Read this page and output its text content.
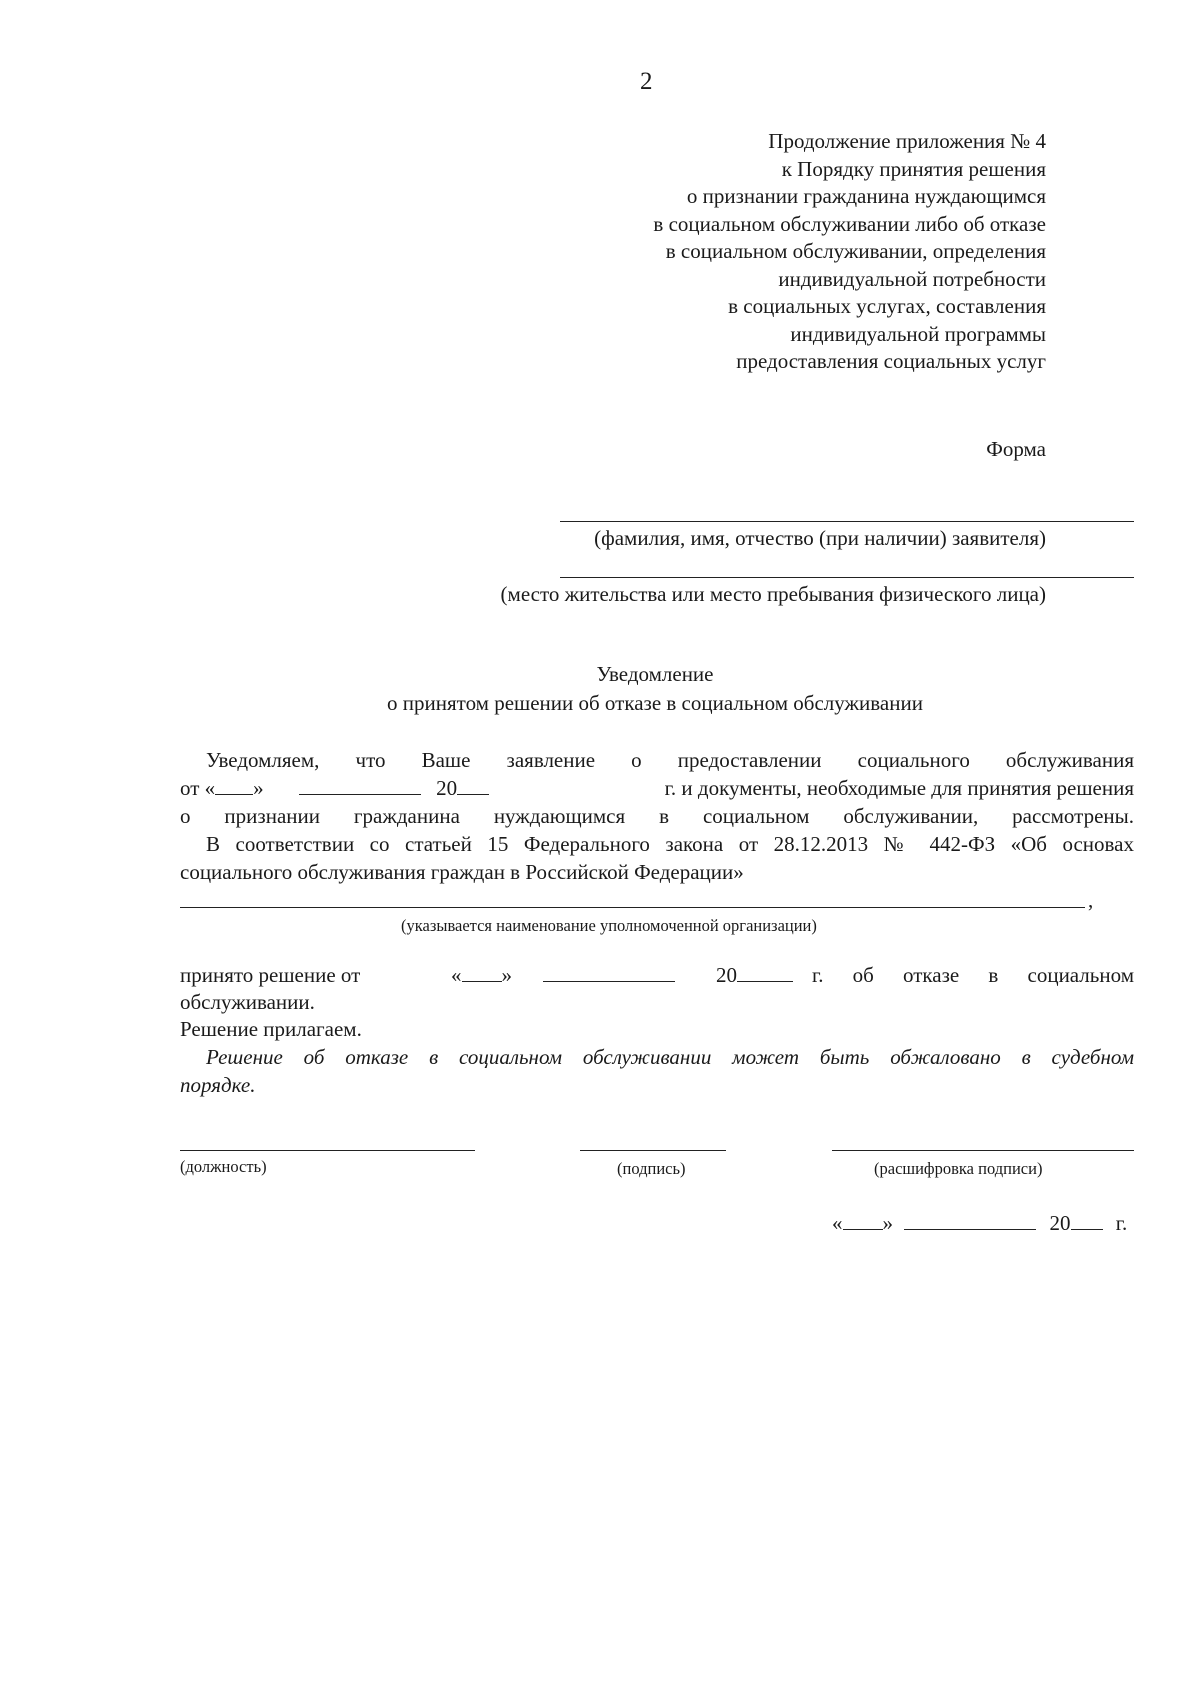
2
Продолжение приложения № 4
к Порядку принятия решения
о признании гражданина нуждающимся
в социальном обслуживании либо об отказе
в социальном обслуживании, определения
индивидуальной потребности
в социальных услугах, составления
индивидуальной программы
предоставления социальных услуг
Форма
(фамилия, имя, отчество (при наличии) заявителя)
(место жительства или место пребывания физического лица)
Уведомление
о принятом решении об отказе в социальном обслуживании
Уведомляем, что Ваше заявление о предоставлении социального обслуживания
от « »	20	г. и документы, необходимые для принятия решения
о признании гражданина нуждающимся в социальном обслуживании, рассмотрены.
В соответствии со статьей 15 Федерального закона от 28.12.2013 № 442-ФЗ «Об основах
социального обслуживания граждан в Российской Федерации»
,
(указывается наименование уполномоченной организации)
принято решение от	« »	20	г. об отказе в социальном
обслуживании.
Решение прилагаем.
Решение об отказе в социальном обслуживании может быть обжаловано в судебном
порядке.
(должность)	(подпись)	(расшифровка подписи)
« »	20 г.
